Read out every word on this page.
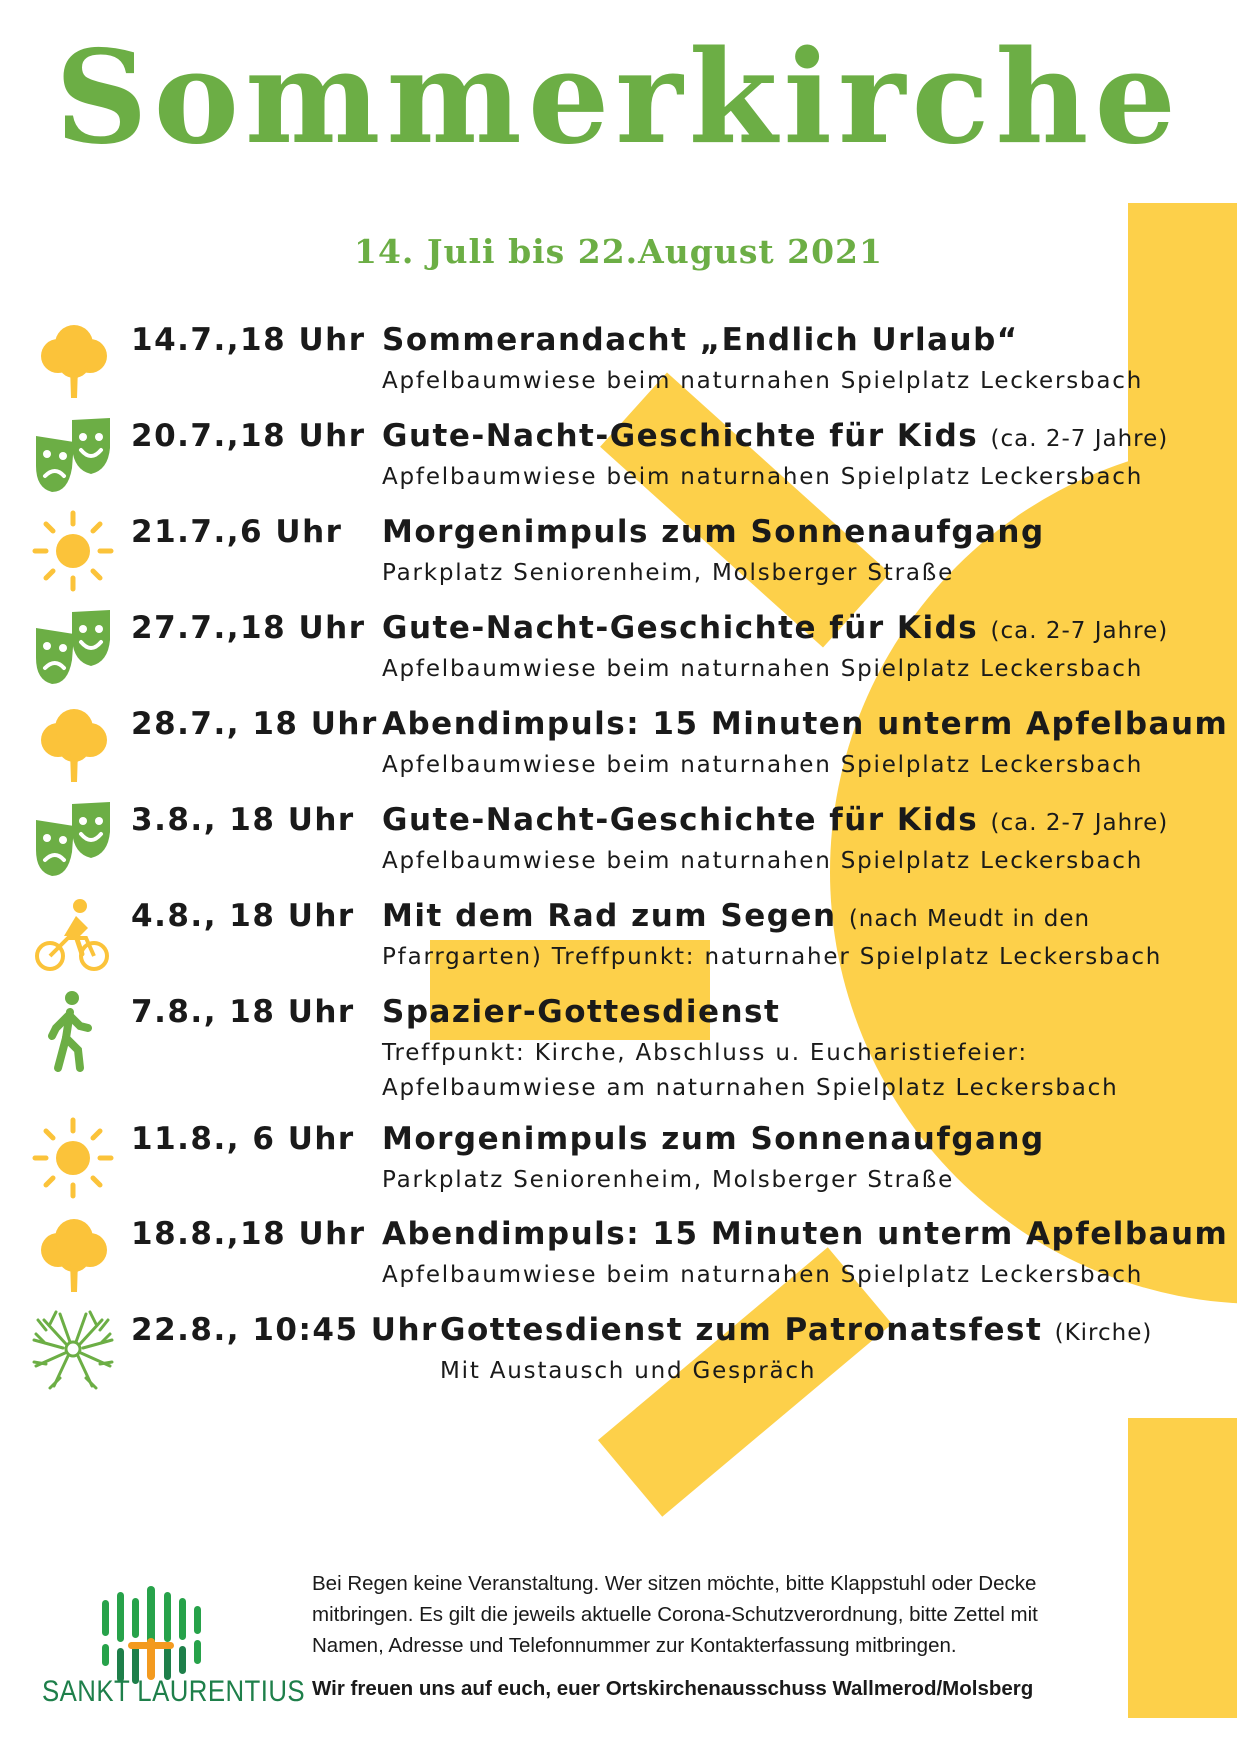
Sommerkirche
14. Juli bis 22.August 2021
14.7.,18 Uhr Sommerandacht „Endlich Urlaub“
Apfelbaumwiese beim naturnahen Spielplatz Leckersbach
20.7.,18 Uhr Gute-Nacht-Geschichte für Kids (ca. 2-7 Jahre)
Apfelbaumwiese beim naturnahen Spielplatz Leckersbach
21.7.,6 Uhr Morgenimpuls zum Sonnenaufgang
Parkplatz Seniorenheim, Molsberger Straße
27.7.,18 Uhr Gute-Nacht-Geschichte für Kids (ca. 2-7 Jahre)
Apfelbaumwiese beim naturnahen Spielplatz Leckersbach
28.7., 18 Uhr Abendimpuls: 15 Minuten unterm Apfelbaum
Apfelbaumwiese beim naturnahen Spielplatz Leckersbach
3.8., 18 Uhr Gute-Nacht-Geschichte für Kids (ca. 2-7 Jahre)
Apfelbaumwiese beim naturnahen Spielplatz Leckersbach
4.8., 18 Uhr Mit dem Rad zum Segen (nach Meudt in den
Pfarrgarten) Treffpunkt: naturnaher Spielplatz Leckersbach
7.8., 18 Uhr Spazier-Gottesdienst
Treffpunkt: Kirche, Abschluss u. Eucharistiefeier:
Apfelbaumwiese am naturnahen Spielplatz Leckersbach
11.8., 6 Uhr Morgenimpuls zum Sonnenaufgang
Parkplatz Seniorenheim, Molsberger Straße
18.8.,18 Uhr Abendimpuls: 15 Minuten unterm Apfelbaum
Apfelbaumwiese beim naturnahen Spielplatz Leckersbach
22.8., 10:45 Uhr Gottesdienst zum Patronatsfest (Kirche)
Mit Austausch und Gespräch
SANKT LAURENTIUS
Bei Regen keine Veranstaltung. Wer sitzen möchte, bitte Klappstuhl oder Decke
mitbringen. Es gilt die jeweils aktuelle Corona-Schutzverordnung, bitte Zettel mit
Namen, Adresse und Telefonnummer zur Kontakterfassung mitbringen.
Wir freuen uns auf euch, euer Ortskirchenausschuss Wallmerod/Molsberg
